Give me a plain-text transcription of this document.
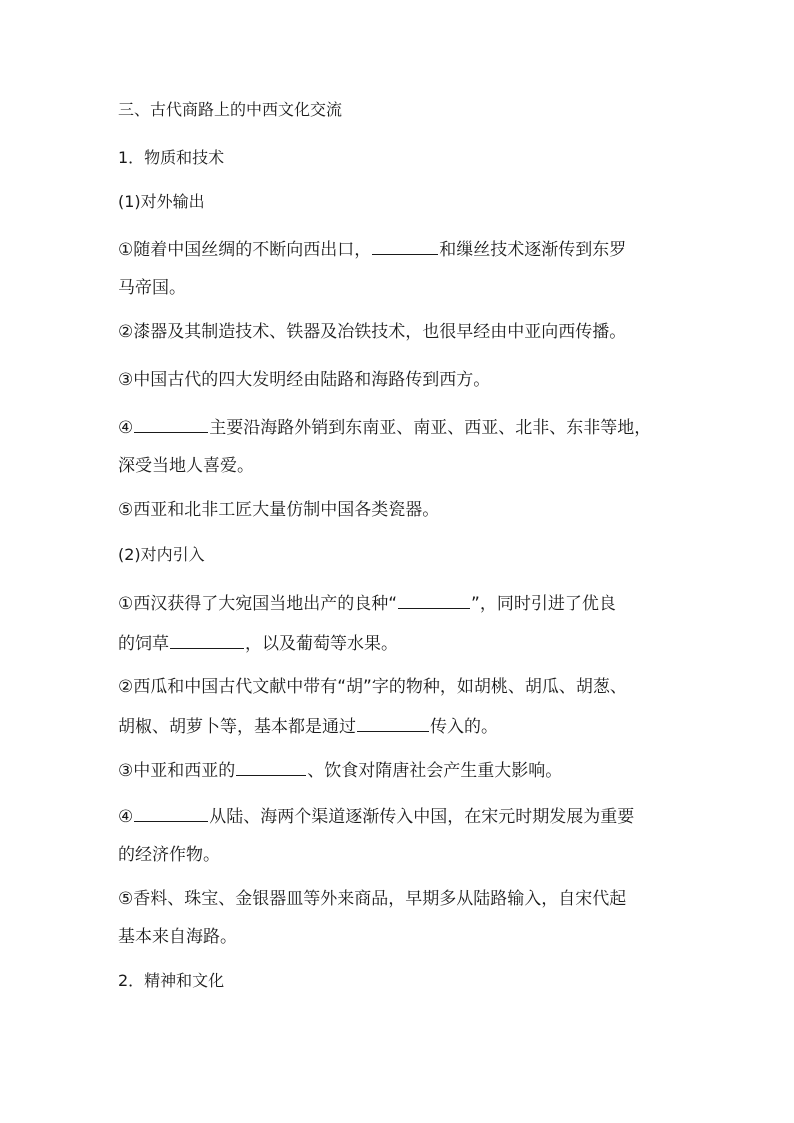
三、古代商路上的中西文化交流
1．物质和技术
(1)对外输出
①随着中国丝绸的不断向西出口，	和缫丝技术逐渐传到东罗
马帝国。
②漆器及其制造技术、铁器及冶铁技术，也很早经由中亚向西传播。
③中国古代的四大发明经由陆路和海路传到西方。
④	主要沿海路外销到东南亚、南亚、西亚、北非、东非等地，
深受当地人喜爱。
⑤西亚和北非工匠大量仿制中国各类瓷器。
(2)对内引入
①西汉获得了大宛国当地出产的良种“	”，同时引进了优良
的饲草	，以及葡萄等水果。
②西瓜和中国古代文献中带有“胡”字的物种，如胡桃、胡瓜、胡葱、
胡椒、胡萝卜等，基本都是通过	传入的。
③中亚和西亚的	、饮食对隋唐社会产生重大影响。
④	从陆、海两个渠道逐渐传入中国，在宋元时期发展为重要
的经济作物。
⑤香料、珠宝、金银器皿等外来商品，早期多从陆路输入，自宋代起
基本来自海路。
2．精神和文化
